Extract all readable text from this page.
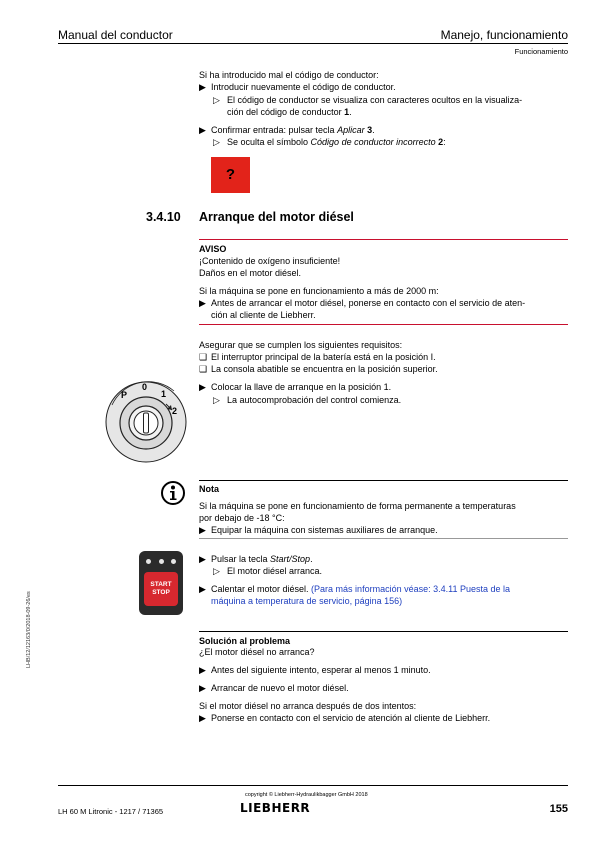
Manual del conductor	Manejo, funcionamiento
Funcionamiento
Si ha introducido mal el código de conductor:
▶ Introducir nuevamente el código de conductor.
▷ El código de conductor se visualiza con caracteres ocultos en la visualiza-
ción del código de conductor 1.
▶ Confirmar entrada: pulsar tecla Aplicar 3.
▷ Se oculta el símbolo Código de conductor incorrecto 2:
?
3.4.10 Arranque del motor diésel
AVISO
¡Contenido de oxígeno insuficiente!
Daños en el motor diésel.
Si la máquina se pone en funcionamiento a más de 2000 m:
▶ Antes de arrancar el motor diésel, ponerse en contacto con el servicio de aten-
ción al cliente de Liebherr.
Asegurar que se cumplen los siguientes requisitos:
❑ El interruptor principal de la batería está en la posición I.
❑ La consola abatible se encuentra en la posición superior.
P
0
1
2
▶ Colocar la llave de arranque en la posición 1.
▷ La autocomprobación del control comienza.
Nota
Si la máquina se pone en funcionamiento de forma permanente a temperaturas
por debajo de -18 °C:
▶ Equipar la máquina con sistemas auxiliares de arranque.
START
STOP
▶ Pulsar la tecla Start/Stop.
▷ El motor diésel arranca.
▶ Calentar el motor diésel. (Para más información véase: 3.4.11 Puesta de la
máquina a temperatura de servicio, página 156)
Solución al problema
¿El motor diésel no arranca?
▶ Antes del siguiente intento, esperar al menos 1 minuto.
▶ Arrancar de nuevo el motor diésel.
Si el motor diésel no arranca después de dos intentos:
▶ Ponerse en contacto con el servicio de atención al cliente de Liebherr.
LHB/12/12163/0/2018-09-26/es
copyright © Liebherr-Hydraulikbagger GmbH 2018
LH 60 M Litronic - 1217 / 71365	LIEBHERR	155
